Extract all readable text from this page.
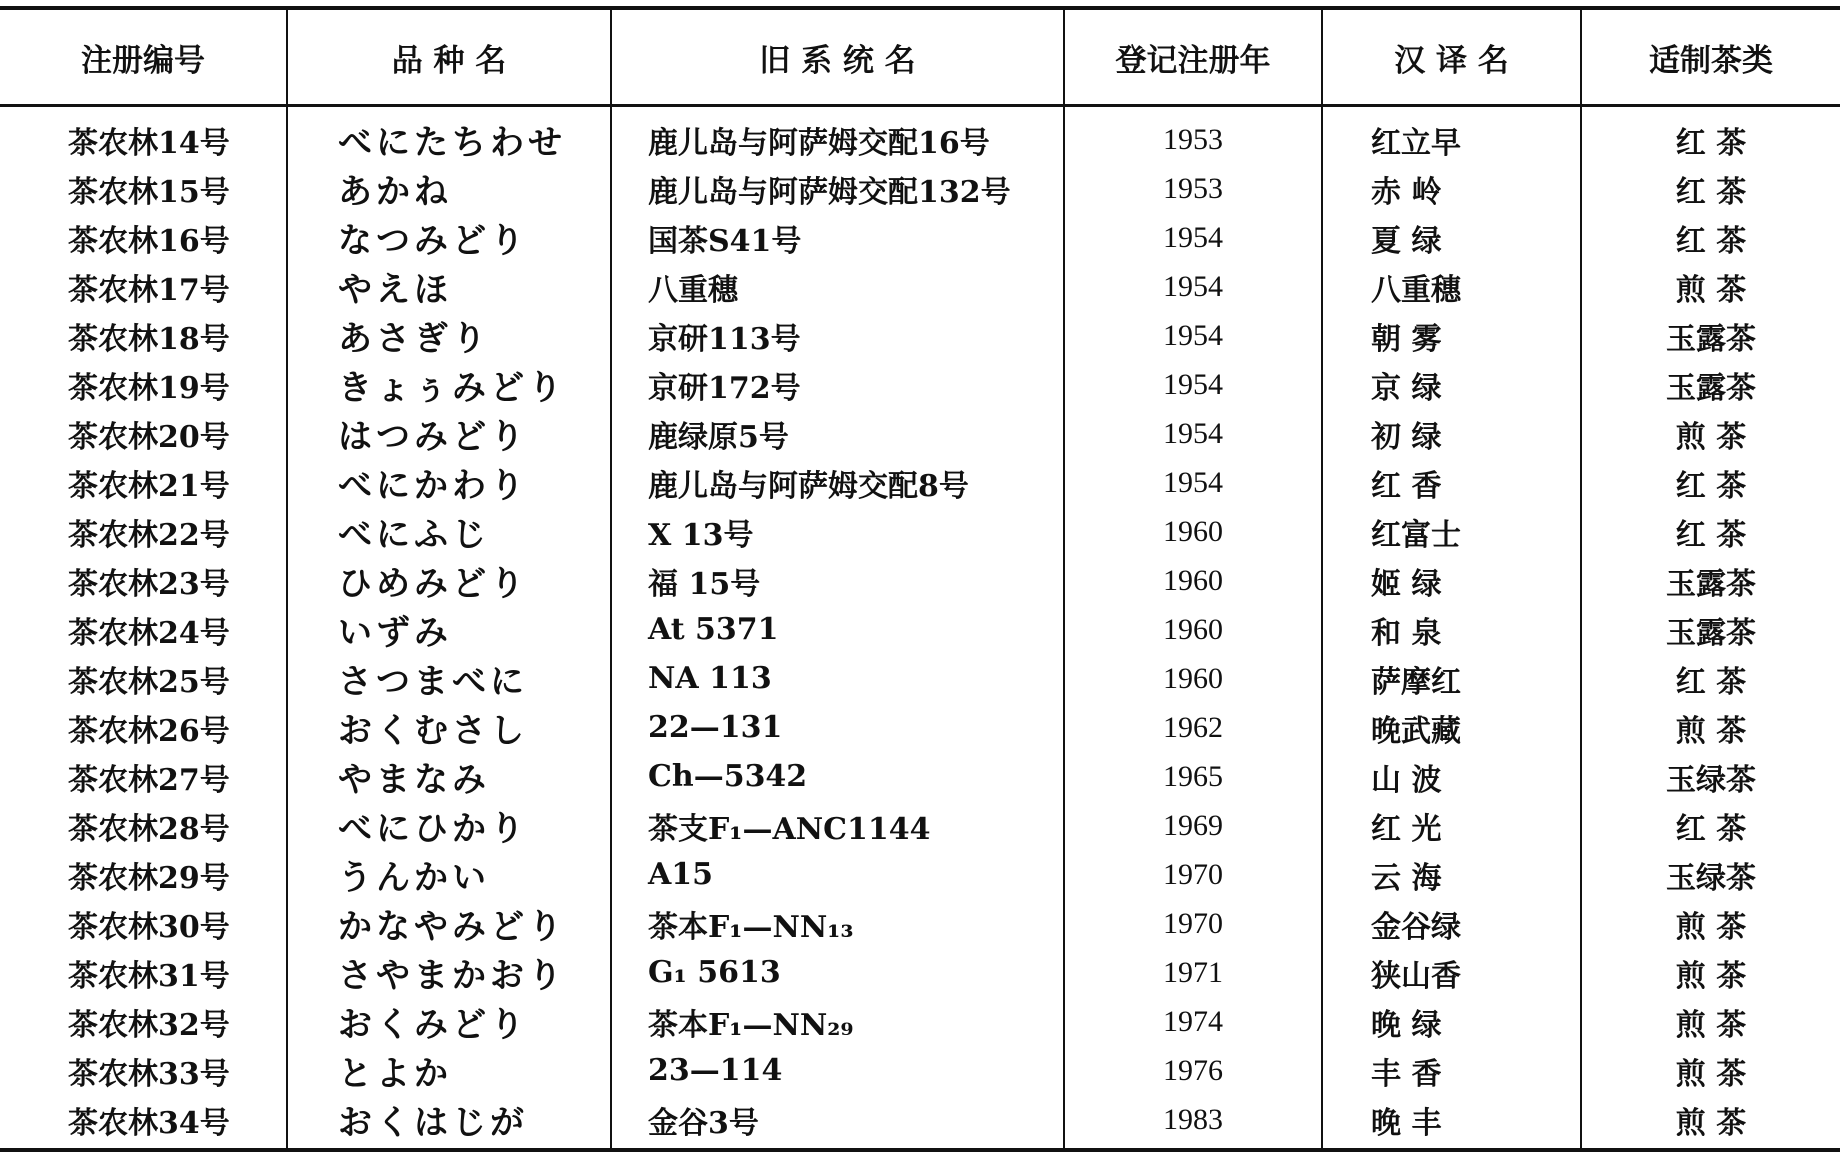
注册编号	品 种 名	旧 系 统 名	登记注册年	汉 译 名	适制茶类
茶农林14号	べにたちわせ	鹿儿岛与阿萨姆交配16号	1953	红立早	红 茶
茶农林15号	あかね	鹿儿岛与阿萨姆交配132号	1953	赤 岭	红 茶
茶农林16号	なつみどり	国茶S41号	1954	夏 绿	红 茶
茶农林17号	やえほ	八重穗	1954	八重穗	煎 茶
茶农林18号	あさぎり	京研113号	1954	朝 雾	玉露茶
茶农林19号	きょぅみどり	京研172号	1954	京 绿	玉露茶
茶农林20号	はつみどり	鹿绿原5号	1954	初 绿	煎 茶
茶农林21号	べにかわり	鹿儿岛与阿萨姆交配8号	1954	红 香	红 茶
茶农林22号	べにふじ	X 13号	1960	红富士	红 茶
茶农林23号	ひめみどり	福 15号	1960	姬 绿	玉露茶
茶农林24号	いずみ	At 5371	1960	和 泉	玉露茶
茶农林25号	さつまべに	NA 113	1960	萨摩红	红 茶
茶农林26号	おくむさし	22—131	1962	晚武藏	煎 茶
茶农林27号	やまなみ	Ch—5342	1965	山 波	玉绿茶
茶农林28号	べにひかり	茶支F₁—ANC1144	1969	红 光	红 茶
茶农林29号	うんかい	A15	1970	云 海	玉绿茶
茶农林30号	かなやみどり	茶本F₁—NN₁₃	1970	金谷绿	煎 茶
茶农林31号	さやまかおり	G₁ 5613	1971	狭山香	煎 茶
茶农林32号	おくみどり	茶本F₁—NN₂₉	1974	晚 绿	煎 茶
茶农林33号	とよか	23—114	1976	丰 香	煎 茶
茶农林34号	おくはじが	金谷3号	1983	晚 丰	煎 茶
